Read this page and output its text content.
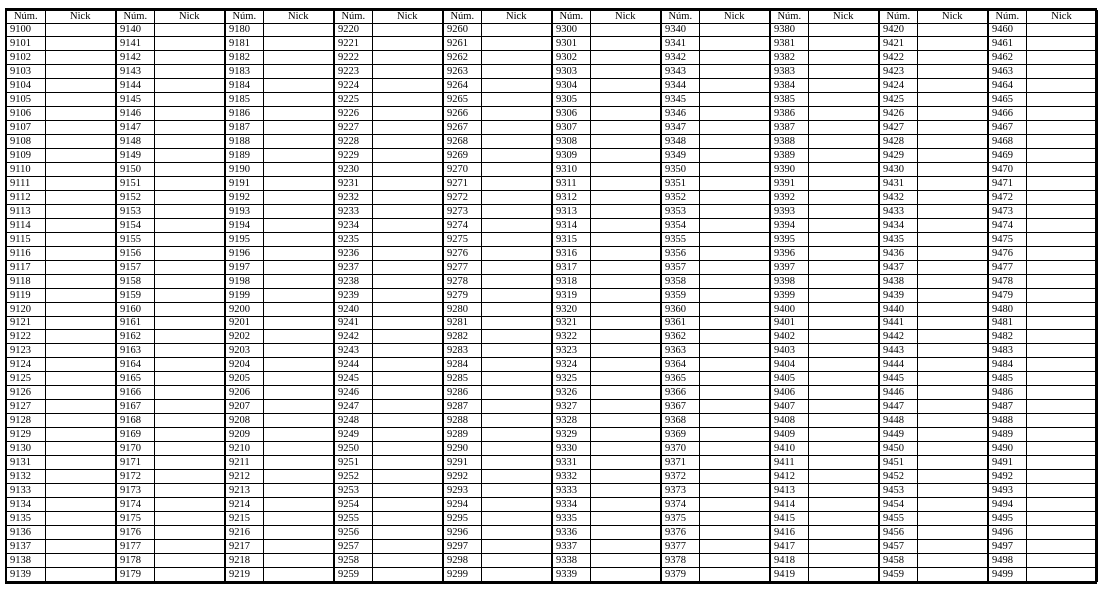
Núm.	Nick	Núm.	Nick	Núm.	Nick	Núm.	Nick	Núm.	Nick	Núm.	Nick	Núm.	Nick	Núm.	Nick	Núm.	Nick	Núm.	Nick
9100		9140		9180		9220		9260		9300		9340		9380		9420		9460	
9101		9141		9181		9221		9261		9301		9341		9381		9421		9461	
9102		9142		9182		9222		9262		9302		9342		9382		9422		9462	
9103		9143		9183		9223		9263		9303		9343		9383		9423		9463	
9104		9144		9184		9224		9264		9304		9344		9384		9424		9464	
9105		9145		9185		9225		9265		9305		9345		9385		9425		9465	
9106		9146		9186		9226		9266		9306		9346		9386		9426		9466	
9107		9147		9187		9227		9267		9307		9347		9387		9427		9467	
9108		9148		9188		9228		9268		9308		9348		9388		9428		9468	
9109		9149		9189		9229		9269		9309		9349		9389		9429		9469	
9110		9150		9190		9230		9270		9310		9350		9390		9430		9470	
9111		9151		9191		9231		9271		9311		9351		9391		9431		9471	
9112		9152		9192		9232		9272		9312		9352		9392		9432		9472	
9113		9153		9193		9233		9273		9313		9353		9393		9433		9473	
9114		9154		9194		9234		9274		9314		9354		9394		9434		9474	
9115		9155		9195		9235		9275		9315		9355		9395		9435		9475	
9116		9156		9196		9236		9276		9316		9356		9396		9436		9476	
9117		9157		9197		9237		9277		9317		9357		9397		9437		9477	
9118		9158		9198		9238		9278		9318		9358		9398		9438		9478	
9119		9159		9199		9239		9279		9319		9359		9399		9439		9479	
9120		9160		9200		9240		9280		9320		9360		9400		9440		9480	
9121		9161		9201		9241		9281		9321		9361		9401		9441		9481	
9122		9162		9202		9242		9282		9322		9362		9402		9442		9482	
9123		9163		9203		9243		9283		9323		9363		9403		9443		9483	
9124		9164		9204		9244		9284		9324		9364		9404		9444		9484	
9125		9165		9205		9245		9285		9325		9365		9405		9445		9485	
9126		9166		9206		9246		9286		9326		9366		9406		9446		9486	
9127		9167		9207		9247		9287		9327		9367		9407		9447		9487	
9128		9168		9208		9248		9288		9328		9368		9408		9448		9488	
9129		9169		9209		9249		9289		9329		9369		9409		9449		9489	
9130		9170		9210		9250		9290		9330		9370		9410		9450		9490	
9131		9171		9211		9251		9291		9331		9371		9411		9451		9491	
9132		9172		9212		9252		9292		9332		9372		9412		9452		9492	
9133		9173		9213		9253		9293		9333		9373		9413		9453		9493	
9134		9174		9214		9254		9294		9334		9374		9414		9454		9494	
9135		9175		9215		9255		9295		9335		9375		9415		9455		9495	
9136		9176		9216		9256		9296		9336		9376		9416		9456		9496	
9137		9177		9217		9257		9297		9337		9377		9417		9457		9497	
9138		9178		9218		9258		9298		9338		9378		9418		9458		9498	
9139		9179		9219		9259		9299		9339		9379		9419		9459		9499	
